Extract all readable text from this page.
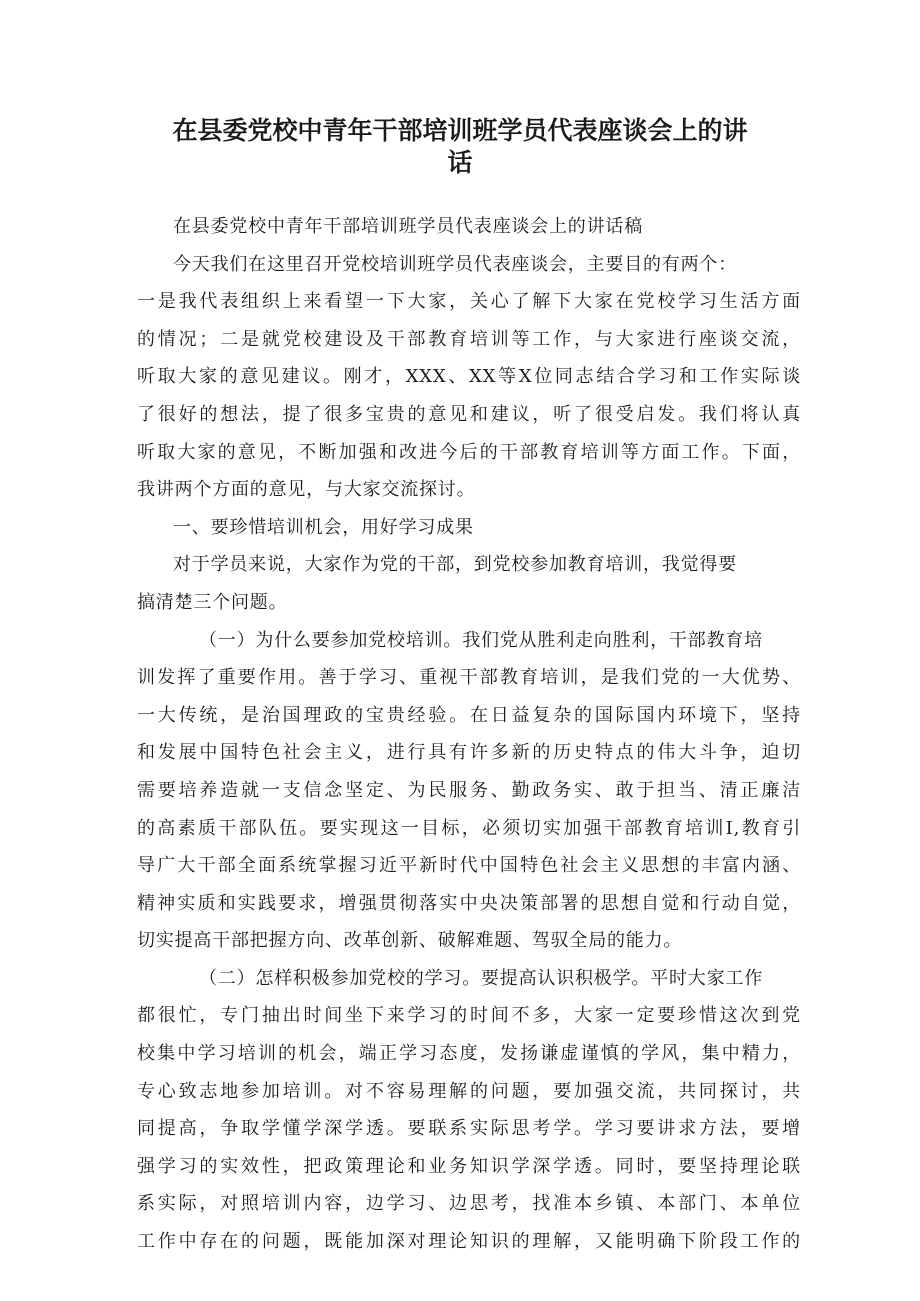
在县委党校中青年干部培训班学员代表座谈会上的讲
话

在县委党校中青年干部培训班学员代表座谈会上的讲话稿

今天我们在这里召开党校培训班学员代表座谈会，主要目的有两个：

一是我代表组织上来看望一下大家，关心了解下大家在党校学习生活方面

的情况；二是就党校建设及干部教育培训等工作，与大家进行座谈交流，

听取大家的意见建议。刚才，XXX、XX等X位同志结合学习和工作实际谈

了很好的想法，提了很多宝贵的意见和建议，听了很受启发。我们将认真

听取大家的意见，不断加强和改进今后的干部教育培训等方面工作。下面，

我讲两个方面的意见，与大家交流探讨。

一、要珍惜培训机会，用好学习成果

对于学员来说，大家作为党的干部，到党校参加教育培训，我觉得要

搞清楚三个问题。

（一）为什么要参加党校培训。我们党从胜利走向胜利，干部教育培

训发挥了重要作用。善于学习、重视干部教育培训，是我们党的一大优势、

一大传统，是治国理政的宝贵经验。在日益复杂的国际国内环境下，坚持

和发展中国特色社会主义，进行具有许多新的历史特点的伟大斗争，迫切

需要培养造就一支信念坚定、为民服务、勤政务实、敢于担当、清正廉洁

的高素质干部队伍。要实现这一目标，必须切实加强干部教育培训I,教育引

导广大干部全面系统掌握习近平新时代中国特色社会主义思想的丰富内涵、

精神实质和实践要求，增强贯彻落实中央决策部署的思想自觉和行动自觉，

切实提高干部把握方向、改革创新、破解难题、驾驭全局的能力。

（二）怎样积极参加党校的学习。要提高认识积极学。平时大家工作

都很忙，专门抽出时间坐下来学习的时间不多，大家一定要珍惜这次到党

校集中学习培训的机会，端正学习态度，发扬谦虚谨慎的学风，集中精力，

专心致志地参加培训。对不容易理解的问题，要加强交流，共同探讨，共

同提高，争取学懂学深学透。要联系实际思考学。学习要讲求方法，要增

强学习的实效性，把政策理论和业务知识学深学透。同时，要坚持理论联

系实际，对照培训内容，边学习、边思考，找准本乡镇、本部门、本单位

工作中存在的问题，既能加深对理论知识的理解，又能明确下阶段工作的
